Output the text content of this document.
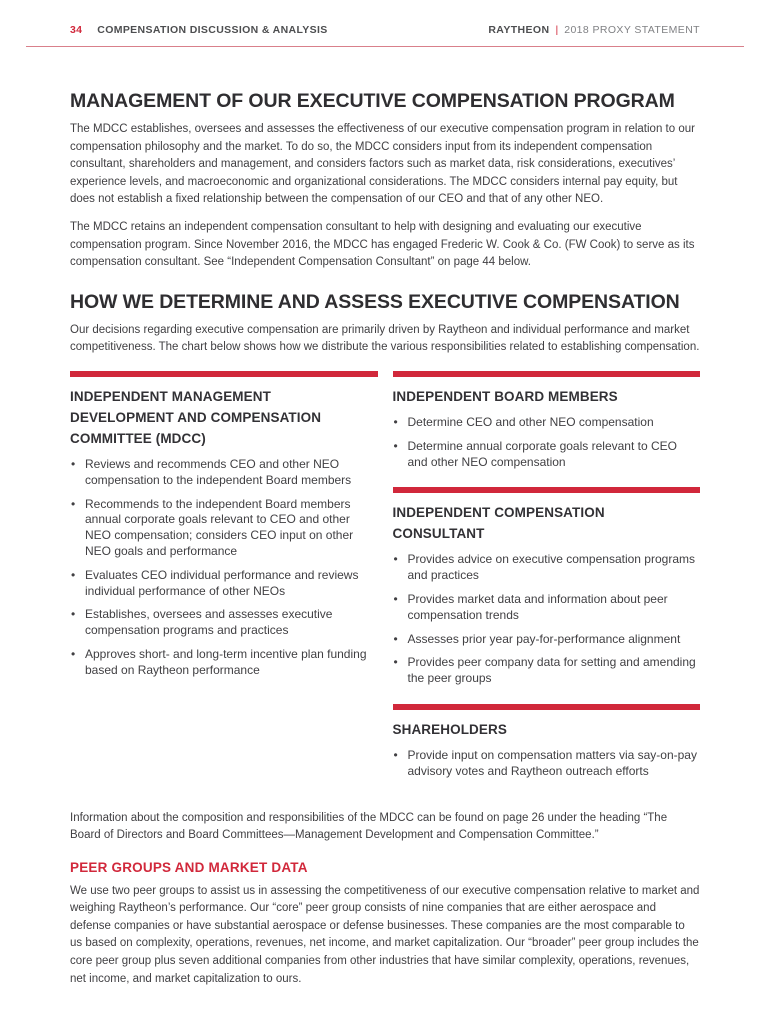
34 COMPENSATION DISCUSSION & ANALYSIS	RAYTHEON | 2018 PROXY STATEMENT
MANAGEMENT OF OUR EXECUTIVE COMPENSATION PROGRAM

The MDCC establishes, oversees and assesses the effectiveness of our executive compensation program in relation to our compensation philosophy and the market. To do so, the MDCC considers input from its independent compensation consultant, shareholders and management, and considers factors such as market data, risk considerations, executives’ experience levels, and macroeconomic and organizational considerations. The MDCC considers internal pay equity, but does not establish a fixed relationship between the compensation of our CEO and that of any other NEO.

The MDCC retains an independent compensation consultant to help with designing and evaluating our executive compensation program. Since November 2016, the MDCC has engaged Frederic W. Cook & Co. (FW Cook) to serve as its compensation consultant. See “Independent Compensation Consultant” on page 44 below.

HOW WE DETERMINE AND ASSESS EXECUTIVE COMPENSATION

Our decisions regarding executive compensation are primarily driven by Raytheon and individual performance and market competitiveness. The chart below shows how we distribute the various responsibilities related to establishing compensation.

INDEPENDENT MANAGEMENT DEVELOPMENT AND COMPENSATION COMMITTEE (MDCC)
• Reviews and recommends CEO and other NEO compensation to the independent Board members
• Recommends to the independent Board members annual corporate goals relevant to CEO and other NEO compensation; considers CEO input on other NEO goals and performance
• Evaluates CEO individual performance and reviews individual performance of other NEOs
• Establishes, oversees and assesses executive compensation programs and practices
• Approves short- and long-term incentive plan funding based on Raytheon performance
INDEPENDENT BOARD MEMBERS
• Determine CEO and other NEO compensation
• Determine annual corporate goals relevant to CEO and other NEO compensation
INDEPENDENT COMPENSATION CONSULTANT
• Provides advice on executive compensation programs and practices
• Provides market data and information about peer compensation trends
• Assesses prior year pay-for-performance alignment
• Provides peer company data for setting and amending the peer groups
SHAREHOLDERS
• Provide input on compensation matters via say-on-pay advisory votes and Raytheon outreach efforts

Information about the composition and responsibilities of the MDCC can be found on page 26 under the heading “The Board of Directors and Board Committees—Management Development and Compensation Committee.”

PEER GROUPS AND MARKET DATA

We use two peer groups to assist us in assessing the competitiveness of our executive compensation relative to market and weighing Raytheon’s performance. Our “core” peer group consists of nine companies that are either aerospace and defense companies or have substantial aerospace or defense businesses. These companies are the most comparable to us based on complexity, operations, revenues, net income, and market capitalization. Our “broader” peer group includes the core peer group plus seven additional companies from other industries that have similar complexity, operations, revenues, net income, and market capitalization to ours.
